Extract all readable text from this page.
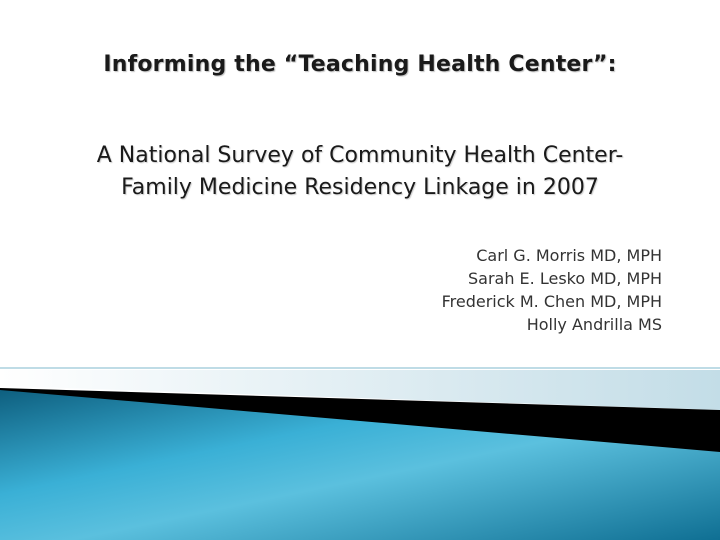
Informing the “Teaching Health Center”:
A National Survey of Community Health Center-
Family Medicine Residency Linkage in 2007
Carl G. Morris MD, MPH
Sarah E. Lesko MD, MPH
Frederick M. Chen MD, MPH
Holly Andrilla MS
